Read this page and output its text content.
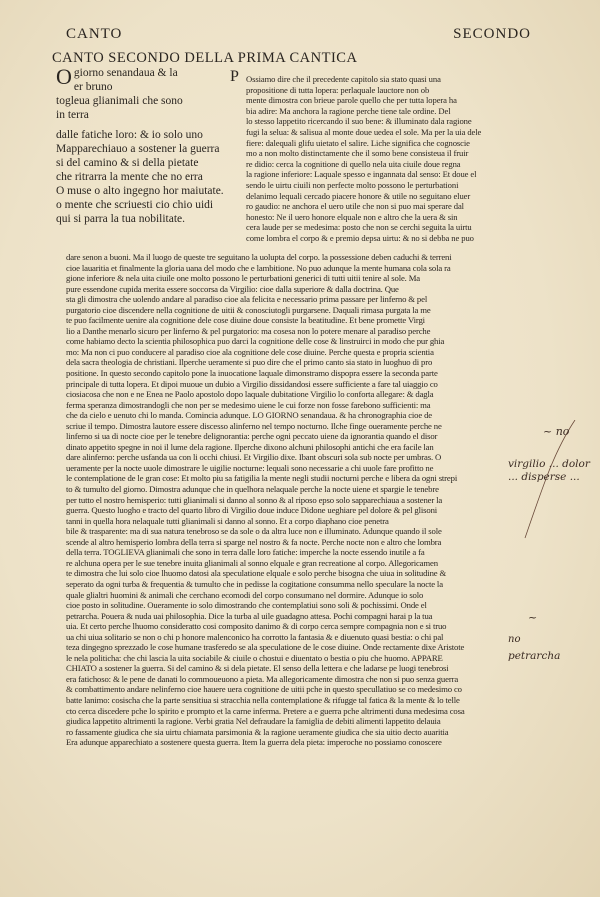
CANTO	SECONDO
CANTO SECONDO DELLA PRIMA CANTICA
O giorno senandaua & la
er bruno
togleua glianimali che sono
in terra
dalle fatiche loro: & io solo uno
Mapparechiauo a sostener la guerra
si del camino & si della pietate
che ritrarra la mente che no erra
O muse o alto ingegno hor maiutate.
o mente che scriuesti cio chio uidi
qui si parra la tua nobilitate.
P Ossiamo dire che il precedente capitolo sia stato quasi una
propositione di tutta lopera: perlaquale lauctore non ob
mente dimostra con brieue parole quello che per tutta lopera ha
bia adire: Ma anchora la ragione perche tiene tale ordine. Del
lo stesso lappetito ricercando il suo bene: & illuminato dala ragione
fugi la selua: & salisua al monte doue uedea el sole. Ma per la uia dele
fiere: dalequali glifu uietato el salire. Liche significa che cognoscie
mo a non molto distinctamente che il somo bene consisteua il fruir
re didio: cerca la cognitione di quello nela uita ciuile doue regna
la ragione inferiore: Laquale spesso e ingannata dal senso: Et doue el
sendo le uirtu ciuili non perfecte molto possono le perturbationi
delanimo lequali cercado piacere honore & utile no seguitano eluer
ro gaudio: ne anchora el uero utile che non si puo mai sperare dal
honesto: Ne il uero honore elquale non e altro che la uera & sin
cera laude per se medesima: posto che non se cerchi seguita la uirtu
come lombra el corpo & e premio depsa uirtu: & no si debba ne puo
dare senon a buoni. Ma il luogo de queste tre seguitano la uolupta del corpo. la possessione deben caduchi & terreni
cioe lauaritia et finalmente la gloria uana del modo che e lambitione. No puo adunque la mente humana cola sola ra
gione inferiore & nela uita ciuile one molto possono le perturbationi generici di tutti uitii tenire al sole. Ma
pure essendone cupida merita essere soccorsa da Virgilio: cioe dalla superiore & dalla doctrina. Que
sta gli dimostra che uolendo andare al paradiso cioe ala felicita e necessario prima passare per linferno & pel
purgatorio cioe discendere nella cognitione de uitii & conosciutogli purgarsene. Daquali rimasa purgata la me
te puo facilmente uenire ala cognitione dele cose diuine doue consiste la beatitudine. Et bene promette Virgi
lio a Danthe menarlo sicuro per linferno & pel purgatorio: ma cosesa non lo potere menare al paradiso perche
come habiamo decto la scientia philosophica puo darci la cognitione delle cose & linstruirci in modo che pur ghia
mo: Ma non ci puo conducere al paradiso cioe ala cognitione dele cose diuine. Perche questa e propria scientia
dela sacra theologia de christiani. Ilperche ueramente si puo dire che el primo canto sia stato in luoghuo di pro
positione. In questo secondo capitolo pone la inuocatione laquale dimonstramo dispopra essere la seconda parte
principale di tutta lopera. Et dipoi muoue un dubio a Virgilio dissidandosi essere sufficiente a fare tal uiaggio co
ciosiacosa che non e ne Enea ne Paolo apostolo dopo laquale dubitatione Virgilio lo conforta allegare: & dagla
ferma speranza dimostrandogli che non per se medesimo uiene le cui forze non fosse farebono sufficienti: ma
che da cielo e uenuto chi lo manda. Comincia adunque. LO GIORNO senandaua. & ha chronographia cioe de
scriue il tempo. Dimostra lautore essere discesso alinferno nel tempo nocturno. Ilche finge oueramente perche ne
linferno si ua di nocte cioe per le tenebre delignorantia: perche ogni peccato uiene da ignorantia quando el disor
dinato appetito spegne in noi il lume dela ragione. Ilperche dixono alchuni philosophi antichi che era facile lan
dare alinferno: perche usfanda ua con li occhi chiusi. Et Virgilio dixe. Ibant obscuri sola sub nocte per umbras. O
ueramente per la nocte uuole dimostrare le uigilie nocturne: lequali sono necessarie a chi uuole fare profitto ne
le contemplatione de le gran cose: Et molto piu sa fatigilia la mente negli studii nocturni perche e libera da ogni strepi
to & tumulto del giorno. Dimostra adunque che in quelhora nelaquale perche la nocte uiene et spargie le tenebre
per tutto el nostro hemisperio: tutti glianimali si danno al sonno & al riposo epso solo sapparechiaua a sostener la
guerra. Questo luogho e tracto del quarto libro di Virgilio doue induce Didone ueghiare pel dolore & pel glisoni
tanni in quella hora nelaquale tutti glianimali si danno al sonno. Et a corpo diaphano cioe penetra
bile & trasparente: ma di sua natura tenebroso se da sole o da altra luce non e illuminato. Adunque quando il sole
scende al altro hemisperio lombra della terra si sparge nel nostro & fa nocte. Perche nocte non e altro che lombra
della terra. TOGLIEVA glianimali che sono in terra dalle loro fatiche: imperche la nocte essendo inutile a fa
re alchuna opera per le sue tenebre inuita glianimali al sonno elquale e gran recreatione al corpo. Allegoricamen
te dimostra che lui solo cioe lhuomo datosi ala speculatione elquale e solo perche bisogna che uiua in solitudine &
seperato da ogni turba & frequentia & tumulto che in pedisse la cogitatione consumma nello speculare la nocte la
quale glialtri huomini & animali che cerchano ecomodi del corpo consumano nel dormire. Adunque io solo
cioe posto in solitudine. Oueramente io solo dimostrando che contemplatiui sono soli & pochissimi. Onde el
petrarcha. Pouera & nuda uai philosophia. Dice la turba al uile guadagno attesa. Pochi compagni harai p la tua
uia. Et certo perche lhuomo consideratto cosi composito danimo & di corpo cerca sempre compagnia non e si truo
ua chi uiua solitario se non o chi p honore malenconico ha corrotto la fantasia & e diuenuto quasi bestia: o chi pal
teza dingegno sprezzado le cose humane trasferedo se ala speculatione de le cose diuine. Onde rectamente dixe Aristote
le nela politicha: che chi lascia la uita sociabile & ciuile o chostui e diuentato o bestia o piu che huomo. APPARE
CHIATO a sostener la guerra. Si del camino & si dela pietate. El senso della lettera e che ladarse pe luogi tenebrosi
era fatichoso: & le pene de danati lo commoueuono a pieta. Ma allegoricamente dimostra che non si puo senza guerra
& combattimento andare nelinferno cioe hauere uera cognitione de uitii pche in questo specullatiuo se co medesimo co
batte lanimo: cosischa che la parte sensitiua si stracchia nella contemplatione & rifugge tal fatica & la mente & lo telle
cto cerca discedere pche lo spirito e prompto et la carne inferma. Pretere a e guerra pche altrimenti duna medesima cosa
giudica lappetito altrimenti la ragione. Verbi gratia Nel defraudare la famiglia de debiti alimenti lappetito delauia
ro fassamente giudica che sia uirtu chiamata parsimonia & la ragione ueramente giudica che sia uitio decto auaritia
Era adunque apparechiato a sostenere questa guerra. Item la guerra dela pieta: imperoche no possiamo conoscere
~ no
virgilio ... dolor ... disperse ...
~
no
petrarcha
